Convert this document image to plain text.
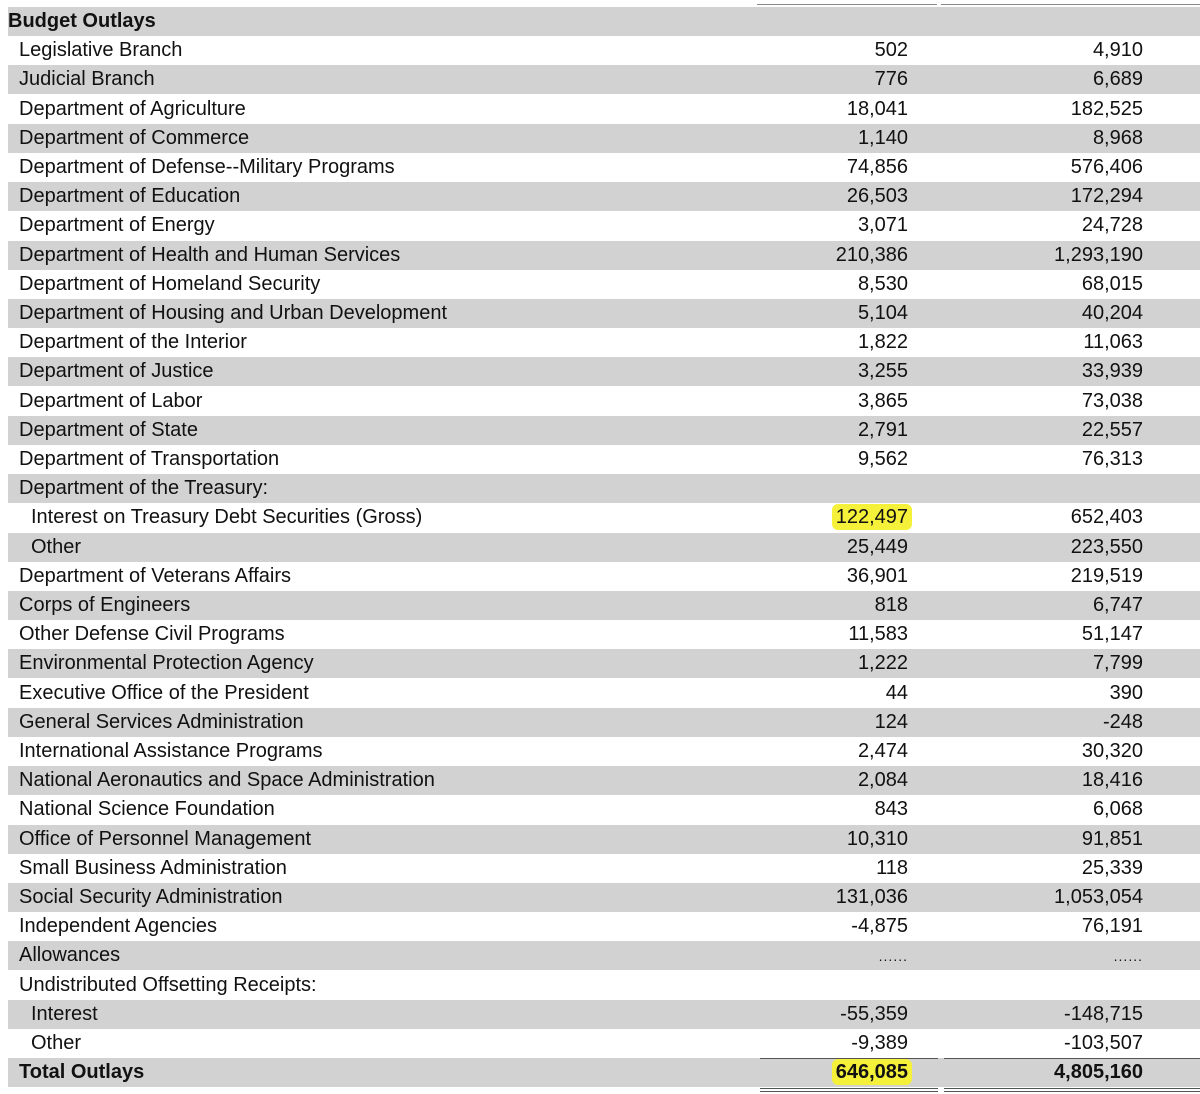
Budget Outlays
Legislative Branch	502	4,910
Judicial Branch	776	6,689
Department of Agriculture	18,041	182,525
Department of Commerce	1,140	8,968
Department of Defense--Military Programs	74,856	576,406
Department of Education	26,503	172,294
Department of Energy	3,071	24,728
Department of Health and Human Services	210,386	1,293,190
Department of Homeland Security	8,530	68,015
Department of Housing and Urban Development	5,104	40,204
Department of the Interior	1,822	11,063
Department of Justice	3,255	33,939
Department of Labor	3,865	73,038
Department of State	2,791	22,557
Department of Transportation	9,562	76,313
Department of the Treasury:
Interest on Treasury Debt Securities (Gross)	122,497	652,403
Other	25,449	223,550
Department of Veterans Affairs	36,901	219,519
Corps of Engineers	818	6,747
Other Defense Civil Programs	11,583	51,147
Environmental Protection Agency	1,222	7,799
Executive Office of the President	44	390
General Services Administration	124	-248
International Assistance Programs	2,474	30,320
National Aeronautics and Space Administration	2,084	18,416
National Science Foundation	843	6,068
Office of Personnel Management	10,310	91,851
Small Business Administration	118	25,339
Social Security Administration	131,036	1,053,054
Independent Agencies	-4,875	76,191
Allowances	......	......
Undistributed Offsetting Receipts:
Interest	-55,359	-148,715
Other	-9,389	-103,507
Total Outlays	646,085	4,805,160
